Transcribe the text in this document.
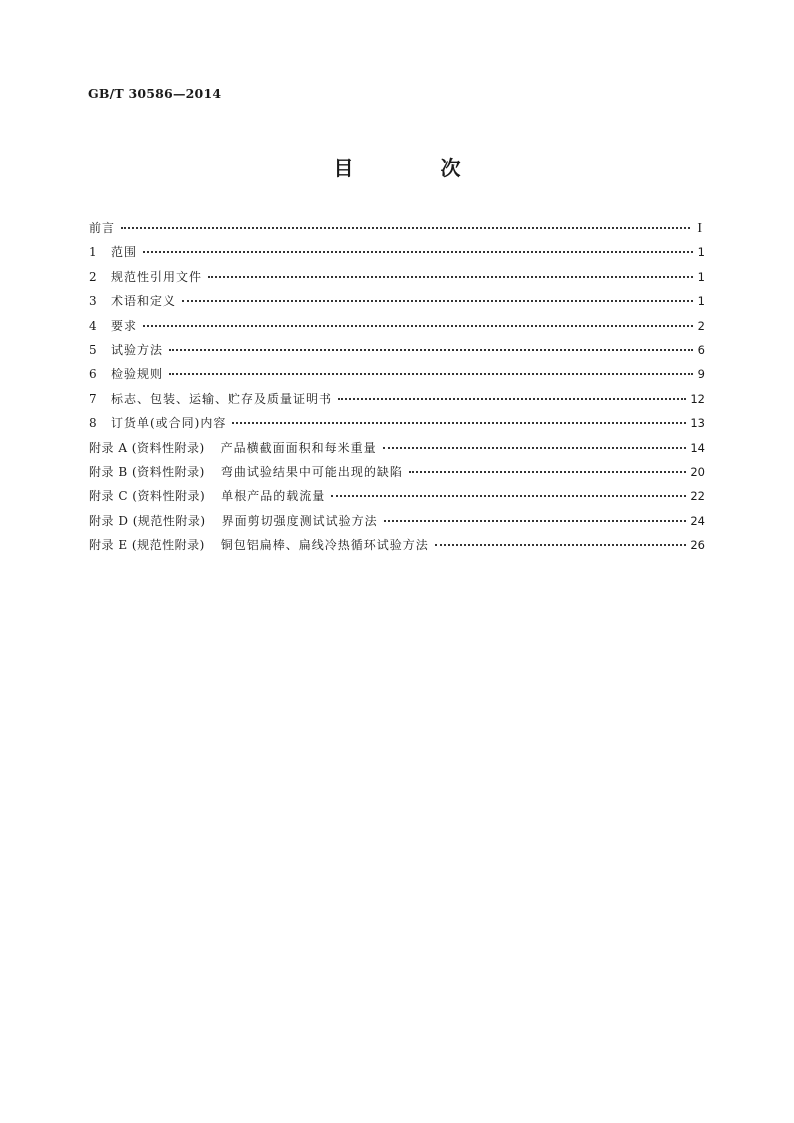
GB/T 30586—2014
目 次
前言	I
1	范围	1
2	规范性引用文件	1
3	术语和定义	1
4	要求	2
5	试验方法	6
6	检验规则	9
7	标志、包装、运输、贮存及质量证明书	12
8	订货单(或合同)内容	13
附录 A (资料性附录) 产品横截面面积和每米重量	14
附录 B (资料性附录) 弯曲试验结果中可能出现的缺陷	20
附录 C (资料性附录) 单根产品的载流量	22
附录 D (规范性附录) 界面剪切强度测试试验方法	24
附录 E (规范性附录) 铜包铝扁棒、扁线冷热循环试验方法	26
